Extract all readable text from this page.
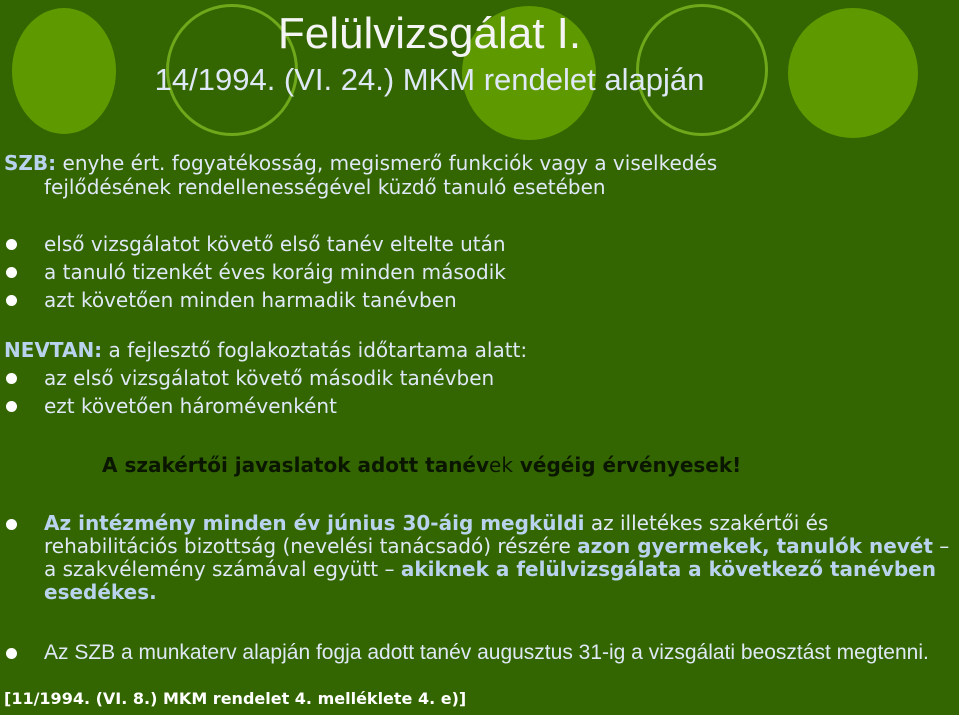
Felülvizsgálat I.
14/1994. (VI. 24.) MKM rendelet alapján
SZB: enyhe ért. fogyatékosság, megismerő funkciók vagy a viselkedés
fejlődésének rendellenességével küzdő tanuló esetében
első vizsgálatot követő első tanév eltelte után
a tanuló tizenkét éves koráig minden második
azt követően minden harmadik tanévben
NEVTAN: a fejlesztő foglakoztatás időtartama alatt:
az első vizsgálatot követő második tanévben
ezt követően háromévenként
A szakértői javaslatok adott tanévek végéig érvényesek!
Az intézmény minden év június 30-áig megküldi az illetékes szakértői és rehabilitációs bizottság (nevelési tanácsadó) részére azon gyermekek, tanulók nevét – a szakvélemény számával együtt – akiknek a felülvizsgálata a következő tanévben esedékes.
Az SZB a munkaterv alapján fogja adott tanév augusztus 31-ig a vizsgálati beosztást megtenni.
[11/1994. (VI. 8.) MKM rendelet 4. melléklete 4. e)]
